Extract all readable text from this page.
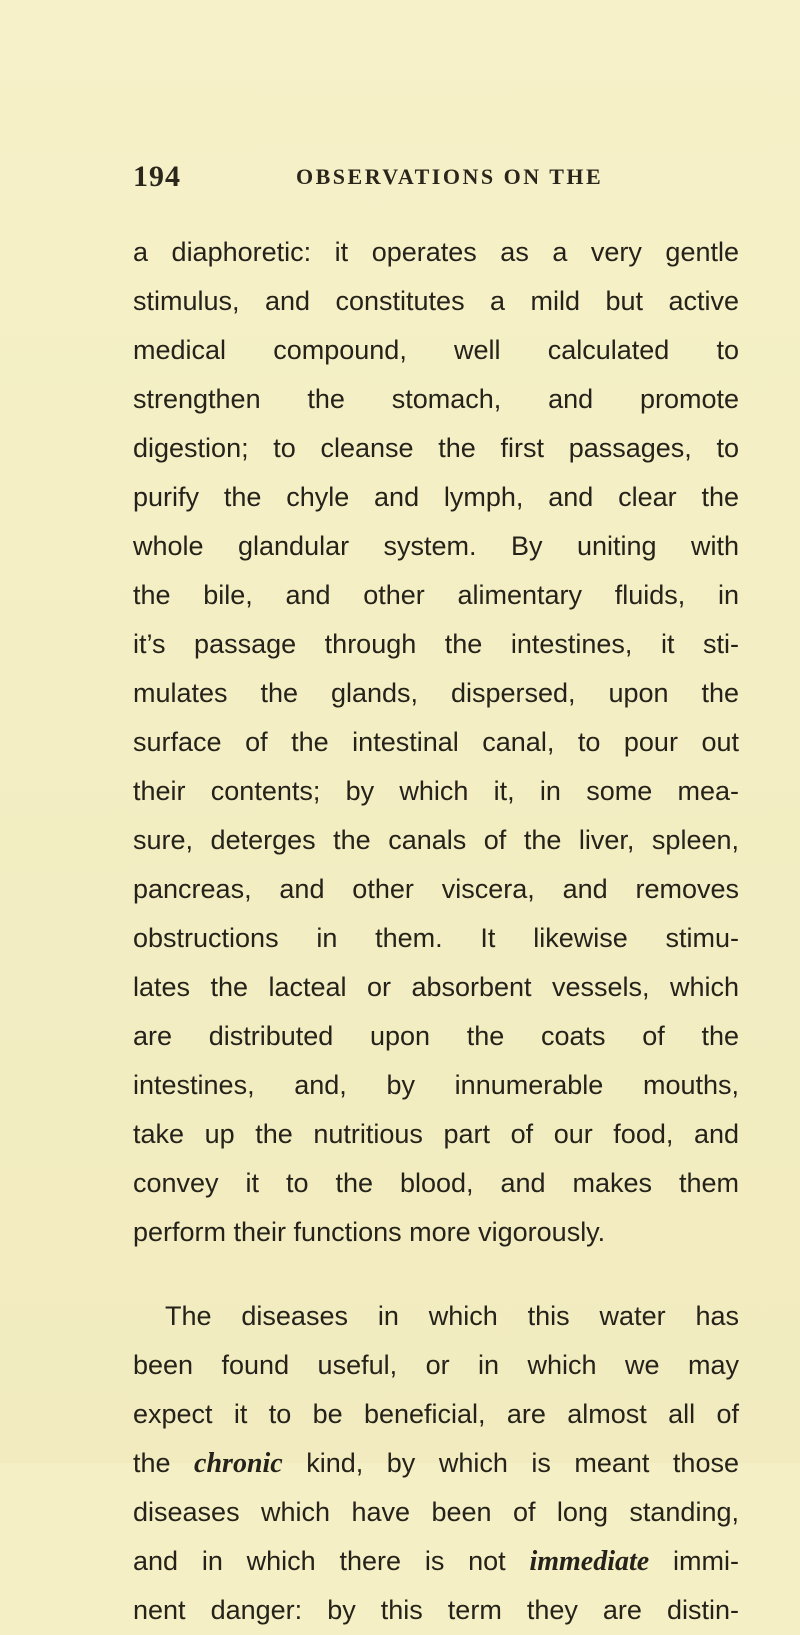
194	OBSERVATIONS ON THE
a diaphoretic: it operates as a very gentle
stimulus, and constitutes a mild but active
medical compound, well calculated to
strengthen the stomach, and promote
digestion; to cleanse the first passages, to
purify the chyle and lymph, and clear the
whole glandular system. By uniting with
the bile, and other alimentary fluids, in
it’s passage through the intestines, it sti-
mulates the glands, dispersed, upon the
surface of the intestinal canal, to pour out
their contents; by which it, in some mea-
sure, deterges the canals of the liver, spleen,
pancreas, and other viscera, and removes
obstructions in them. It likewise stimu-
lates the lacteal or absorbent vessels, which
are distributed upon the coats of the
intestines, and, by innumerable mouths,
take up the nutritious part of our food, and
convey it to the blood, and makes them
perform their functions more vigorously.
The diseases in which this water has
been found useful, or in which we may
expect it to be beneficial, are almost all of
the chronic kind, by which is meant those
diseases which have been of long standing,
and in which there is not immediate immi-
nent danger: by this term they are distin-
